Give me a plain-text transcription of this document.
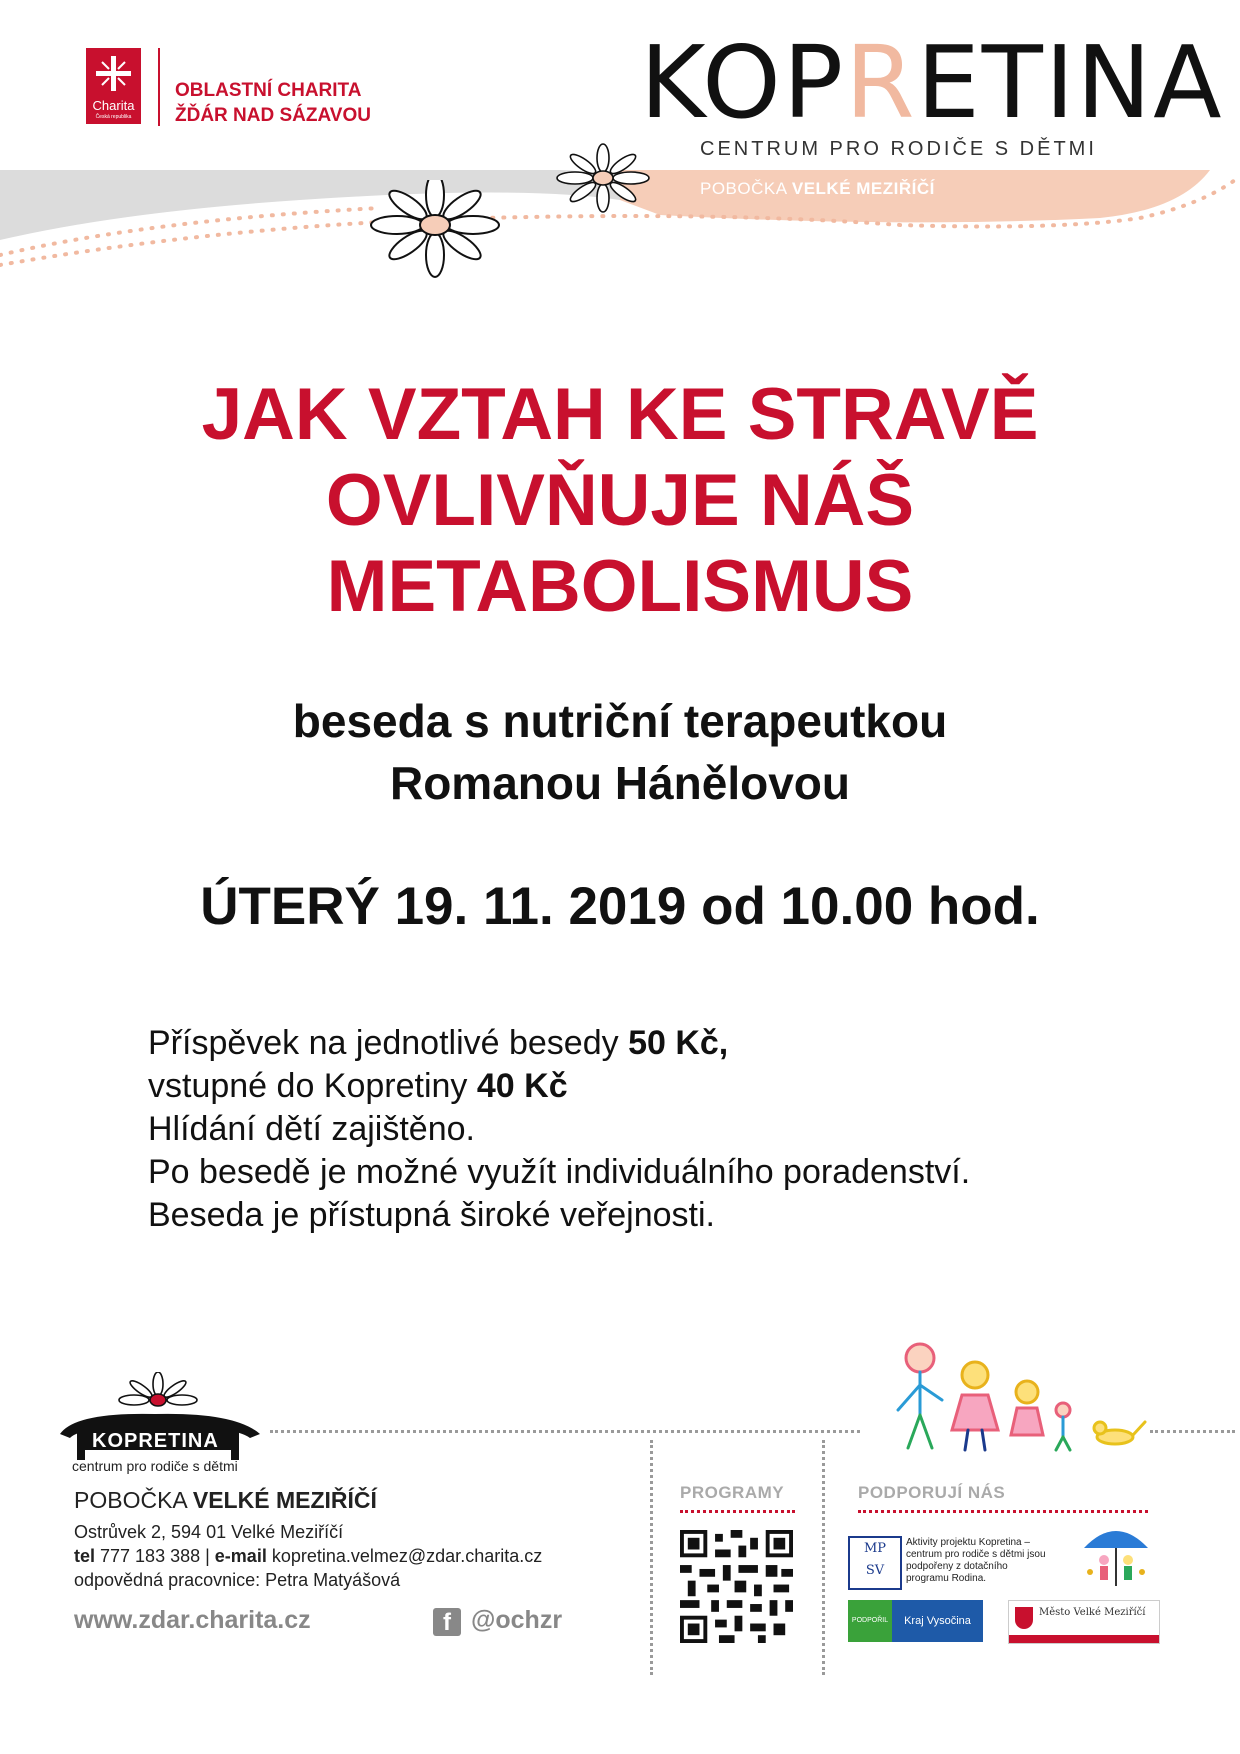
Charita
Česká republika
OBLASTNÍ CHARITA
ŽĎÁR NAD SÁZAVOU	KOPRETINA
CENTRUM PRO RODIČE S DĚTMI
POBOČKA VELKÉ MEZIŘÍČÍ
JAK VZTAH KE STRAVĚ
OVLIVŇUJE NÁŠ
METABOLISMUS
beseda s nutriční terapeutkou
Romanou Hánělovou
ÚTERÝ 19. 11. 2019 od 10.00 hod.
Příspěvek na jednotlivé besedy 50 Kč,
vstupné do Kopretiny 40 Kč
Hlídání dětí zajištěno.
Po besedě je možné využít individuálního poradenství.
Beseda je přístupná široké veřejnosti.
KOPRETINA
centrum pro rodiče s dětmi
POBOČKA VELKÉ MEZIŘÍČÍ
Ostrůvek 2, 594 01 Velké Meziříčí
tel 777 183 388 | e-mail kopretina.velmez@zdar.charita.cz
odpovědná pracovnice: Petra Matyášová
www.zdar.charita.cz	f @ochzr
PROGRAMY	PODPORUJÍ NÁS
MP
SV
Aktivity projektu Kopretina – centrum pro rodiče s dětmi jsou podpořeny z dotačního programu Rodina.
PODPOŘIL	Kraj Vysočina
Město Velké Meziříčí
